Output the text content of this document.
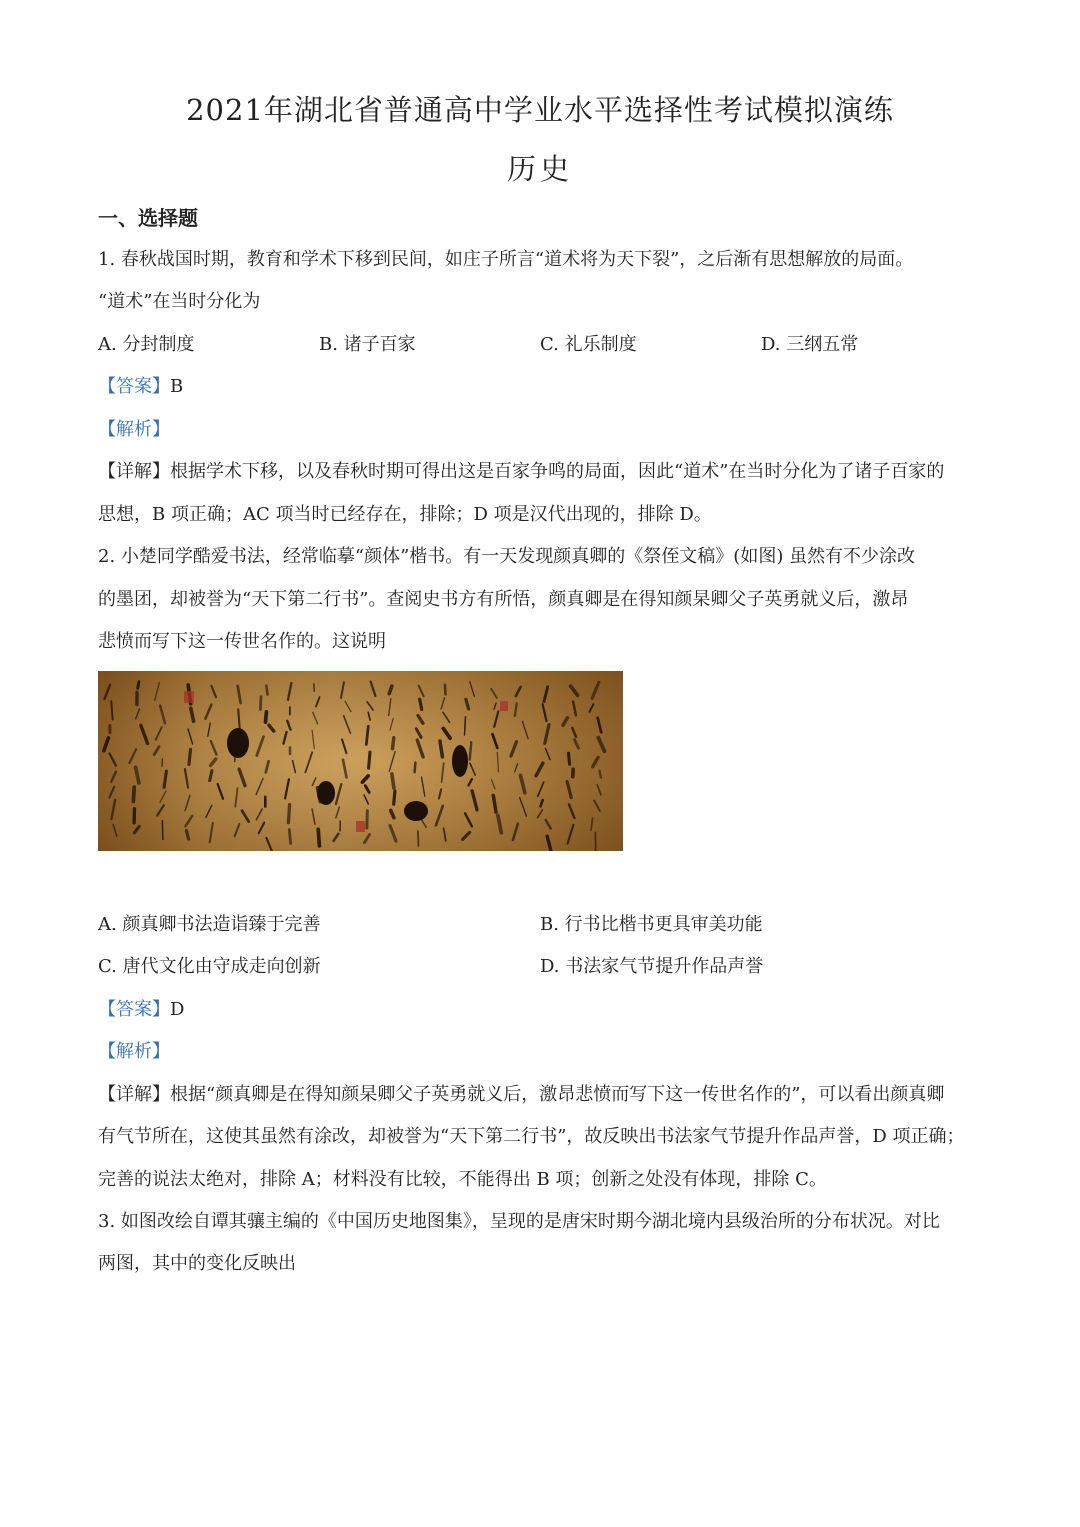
2021年湖北省普通高中学业水平选择性考试模拟演练
历史
一、选择题
1. 春秋战国时期，教育和学术下移到民间，如庄子所言“道术将为天下裂”，之后渐有思想解放的局面。
“道术”在当时分化为
A. 分封制度	B. 诸子百家	C. 礼乐制度	D. 三纲五常
【答案】B
【解析】
【详解】根据学术下移，以及春秋时期可得出这是百家争鸣的局面，因此“道术”在当时分化为了诸子百家的
思想，B 项正确；AC 项当时已经存在，排除；D 项是汉代出现的，排除 D。
2. 小楚同学酷爱书法，经常临摹“颜体”楷书。有一天发现颜真卿的《祭侄文稿》(如图) 虽然有不少涂改
的墨团，却被誉为“天下第二行书”。查阅史书方有所悟，颜真卿是在得知颜杲卿父子英勇就义后，激昂
悲愤而写下这一传世名作的。这说明
A. 颜真卿书法造诣臻于完善	B. 行书比楷书更具审美功能
C. 唐代文化由守成走向创新	D. 书法家气节提升作品声誉
【答案】D
【解析】
【详解】根据“颜真卿是在得知颜杲卿父子英勇就义后，激昂悲愤而写下这一传世名作的”，可以看出颜真卿
有气节所在，这使其虽然有涂改，却被誉为“天下第二行书”，故反映出书法家气节提升作品声誉，D 项正确；
完善的说法太绝对，排除 A；材料没有比较，不能得出 B 项；创新之处没有体现，排除 C。
3. 如图改绘自谭其骧主编的《中国历史地图集》，呈现的是唐宋时期今湖北境内县级治所的分布状况。对比
两图，其中的变化反映出
